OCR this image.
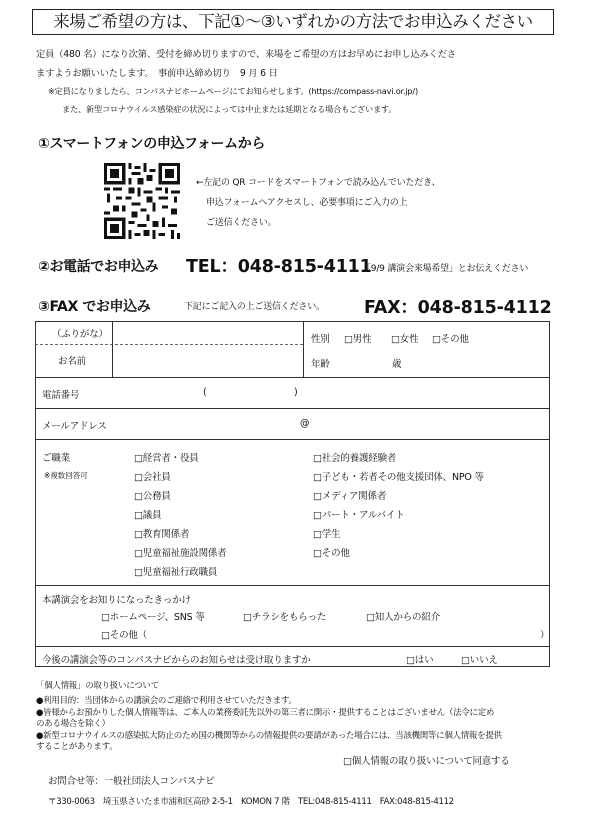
来場ご希望の方は、下記①～③いずれかの方法でお申込みください
定員（480 名）になり次第、受付を締め切りますので、来場をご希望の方はお早めにお申し込みくださ
ますようお願いいたします。　事前申込締め切り　9 月 6 日
※定員になりましたら、コンパスナビホームページにてお知らせします。(https://compass-navi.or.jp/)
また、新型コロナウイルス感染症の状況によっては中止または延期となる場合もございます。
①スマートフォンの申込フォームから
←左記の QR コードをスマートフォンで読み込んでいただき、
申込フォームへアクセスし、必要事項にご入力の上
ご送信ください。
②お電話でお申込み TEL：048-815-4111
「9/9 講演会来場希望」とお伝えください
③FAX でお申込み	下記にご記入の上ご送信ください。 FAX：048-815-4112
（ふりがな）
お名前
性別	□ 男性	□ 女性	□ その他
年齢	歳
電話番号	(	)
メールアドレス	@
ご職業
※複数回答可
□ 経営者・役員
□ 会社員
□ 公務員
□ 議員
□ 教育関係者
□ 児童福祉施設関係者
□ 児童福祉行政職員
□ 社会的養護経験者
□ 子ども・若者その他支援団体、NPO 等
□ メディア関係者
□ パート・アルバイト
□ 学生
□ その他
本講演会をお知りになったきっかけ
□ ホームページ、SNS 等	□ チラシをもらった	□ 知人からの紹介
□ その他（	）
今後の講演会等のコンパスナビからのお知らせは受け取りますか	□ はい	□ いいえ
「個人情報」の取り扱いについて
●利用目的：当団体からの講演会のご連絡で利用させていただきます。
●皆様からお預かりした個人情報等は、ご本人の業務委託先以外の第三者に開示・提供することはございません（法令に定め
のある場合を除く）
●新型コロナウイルスの感染拡大防止のため国の機関等からの情報提供の要請があった場合には、当該機関等に個人情報を提供
することがあります。
□ 個人情報の取り扱いについて同意する
お問合せ等：一般社団法人コンパスナビ
〒330-0063　埼玉県さいたま市浦和区高砂 2-5-1　KOMON 7 階　TEL:048-815-4111　FAX:048-815-4112
